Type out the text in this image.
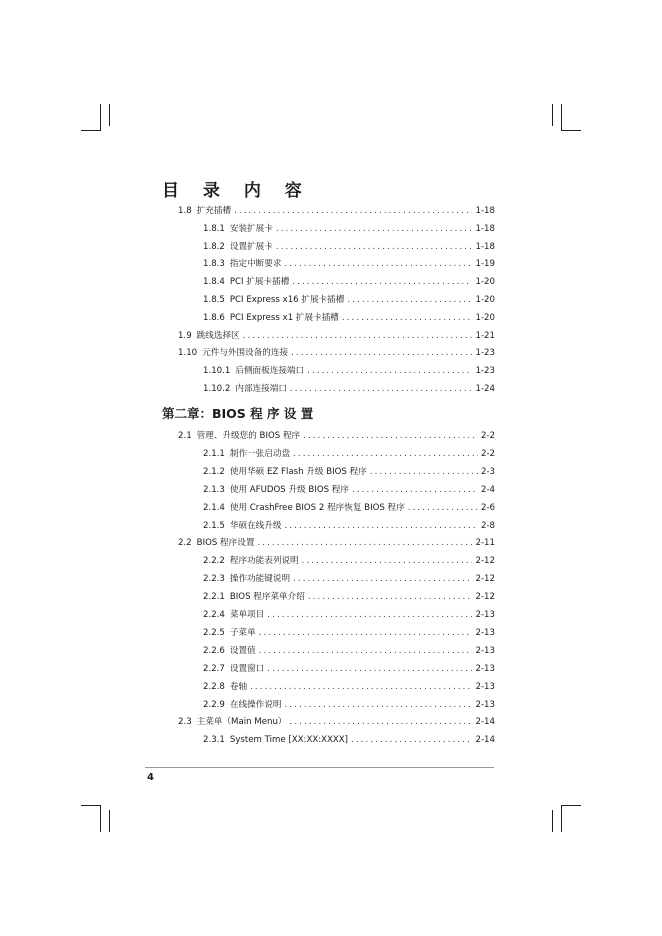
目 录 内 容
1.8 扩充插槽 .....	1-18
1.8.1 安装扩展卡 .....	1-18
1.8.2 设置扩展卡 .....	1-18
1.8.3 指定中断要求 .....	1-19
1.8.4 PCI 扩展卡插槽 .....	1-20
1.8.5 PCI Express x16 扩展卡插槽 .....	1-20
1.8.6 PCI Express x1 扩展卡插槽 .....	1-20
1.9 跳线选择区 .....	1-21
1.10 元件与外围设备的连接 .....	1-23
1.10.1 后侧面板连接端口 .....	1-23
1.10.2 内部连接端口 .....	1-24
第二章：BIOS 程 序 设 置
2.1 管理、升级您的 BIOS 程序 .....	2-2
2.1.1 制作一张启动盘 .....	2-2
2.1.2 使用华硕 EZ Flash 升级 BIOS 程序 .....	2-3
2.1.3 使用 AFUDOS 升级 BIOS 程序 .....	2-4
2.1.4 使用 CrashFree BIOS 2 程序恢复 BIOS 程序 .....	2-6
2.1.5 华硕在线升级 .....	2-8
2.2 BIOS 程序设置 .....	2-11
2.2.2 程序功能表列说明 .....	2-12
2.2.3 操作功能键说明 .....	2-12
2.2.1 BIOS 程序菜单介绍 .....	2-12
2.2.4 菜单项目 .....	2-13
2.2.5 子菜单 .....	2-13
2.2.6 设置值 .....	2-13
2.2.7 设置窗口 .....	2-13
2.2.8 卷轴 .....	2-13
2.2.9 在线操作说明 .....	2-13
2.3 主菜单（Main Menu） .....	2-14
2.3.1 System Time [XX:XX:XXXX] .....	2-14
4
